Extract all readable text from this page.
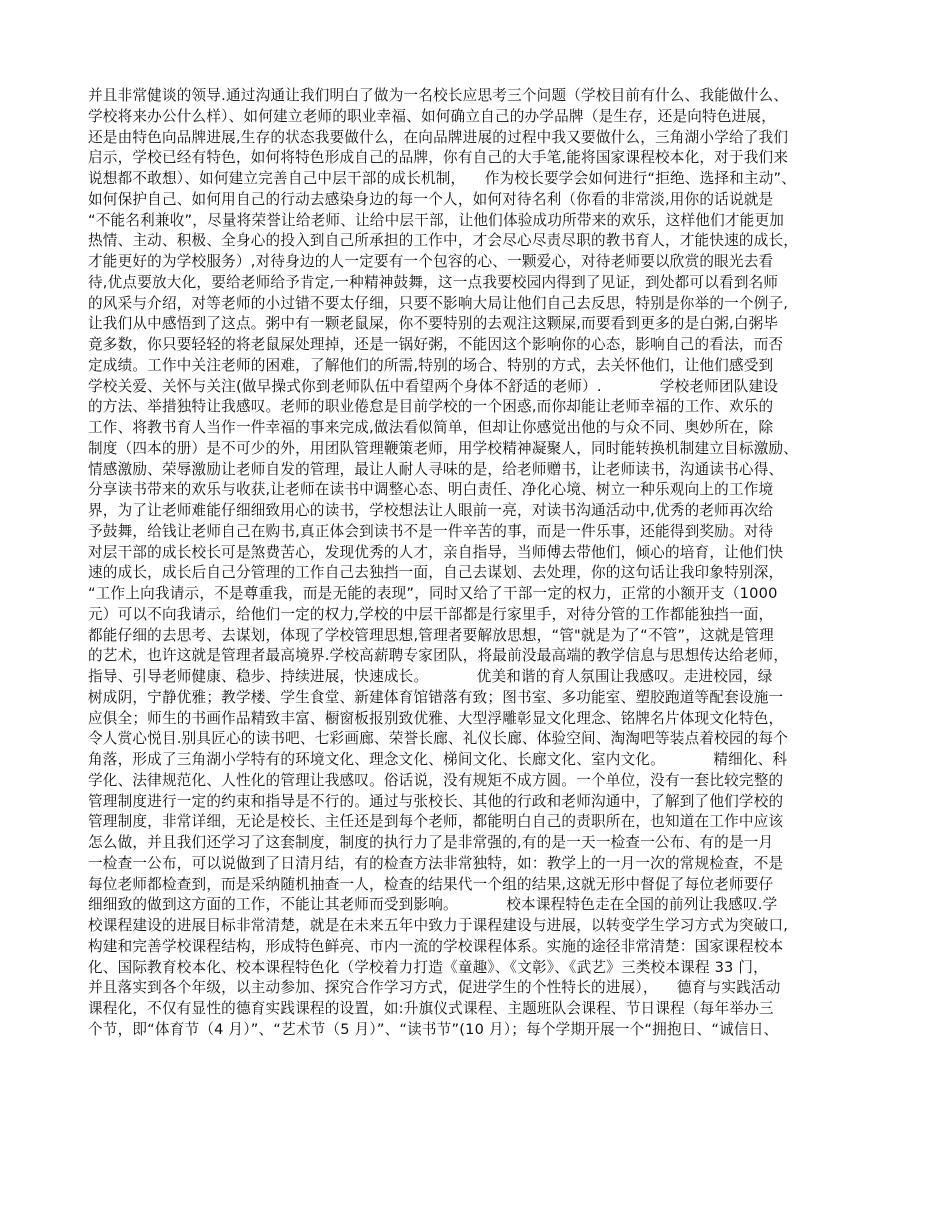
并且非常健谈的领导.通过沟通让我们明白了做为一名校长应思考三个问题（学校目前有什么、我能做什么、
学校将来办公什么样）、如何建立老师的职业幸福、如何确立自己的办学品牌（是生存，还是向特色进展，
还是由特色向品牌进展,生存的状态我要做什么，在向品牌进展的过程中我又要做什么，三角湖小学给了我们
启示，学校已经有特色，如何将特色形成自己的品牌，你有自己的大手笔,能将国家课程校本化，对于我们来
说想都不敢想）、如何建立完善自己中层干部的成长机制，    作为校长要学会如何进行“拒绝、选择和主动”、
如何保护自己、如何用自己的行动去感染身边的每一个人，如何对待名利（你看的非常淡,用你的话说就是
“不能名利兼收”，尽量将荣誉让给老师、让给中层干部，让他们体验成功所带来的欢乐，这样他们才能更加
热情、主动、积极、全身心的投入到自己所承担的工作中，才会尽心尽责尽职的教书育人，才能快速的成长，
才能更好的为学校服务）,对待身边的人一定要有一个包容的心、一颗爱心，对待老师要以欣赏的眼光去看
待,优点要放大化，要给老师给予肯定,一种精神鼓舞，这一点我要校园内得到了见证，到处都可以看到名师
的风采与介绍，对等老师的小过错不要太仔细，只要不影响大局让他们自己去反思，特别是你举的一个例子,
让我们从中感悟到了这点。粥中有一颗老鼠屎，你不要特别的去观注这颗屎,而要看到更多的是白粥,白粥毕
竟多数，你只要轻轻的将老鼠屎处理掉，还是一锅好粥，不能因这个影响你的心态，影响自己的看法，而否
定成绩。工作中关注老师的困难，了解他们的所需,特别的场合、特别的方式，去关怀他们，让他们感受到
学校关爱、关怀与关注(做早操式你到老师队伍中看望两个身体不舒适的老师）.            学校老师团队建设
的方法、举措独特让我感叹。老师的职业倦怠是目前学校的一个困惑,而你却能让老师幸福的工作、欢乐的
工作、将教书育人当作一件幸福的事来完成,做法看似简单，但却让你感觉出他的与众不同、奥妙所在，除
制度（四本的册）是不可少的外，用团队管理鞭策老师，用学校精神凝聚人，同时能转换机制建立目标激励、
情感激励、荣辱激励让老师自发的管理，最让人耐人寻味的是，给老师赠书，让老师读书，沟通读书心得、
分享读书带来的欢乐与收获,让老师在读书中调整心态、明白责任、净化心境、树立一种乐观向上的工作境
界，为了让老师难能仔细细致用心的读书，学校想法让人眼前一亮，对读书沟通活动中,优秀的老师再次给
予鼓舞，给钱让老师自己在购书,真正体会到读书不是一件辛苦的事，而是一件乐事，还能得到奖励。对待
对层干部的成长校长可是煞费苦心，发现优秀的人才，亲自指导，当师傅去带他们，倾心的培育，让他们快
速的成长，成长后自己分管理的工作自己去独挡一面，自己去谋划、去处理，你的这句话让我印象特别深，
“工作上向我请示，不是尊重我，而是无能的表现”，同时又给了干部一定的权力，正常的小额开支（1000
元）可以不向我请示，给他们一定的权力,学校的中层干部都是行家里手，对待分管的工作都能独挡一面，
都能仔细的去思考、去谋划，体现了学校管理思想,管理者要解放思想，“管"就是为了“不管”，这就是管理
的艺术，也许这就是管理者最高境界.学校高薪聘专家团队，将最前没最高端的教学信息与思想传达给老师，
指导、引导老师健康、稳步、持续进展，快速成长。          优美和谐的育人氛围让我感叹。走进校园，绿
树成阴，宁静优雅；教学楼、学生食堂、新建体育馆错落有致；图书室、多功能室、塑胶跑道等配套设施一
应俱全；师生的书画作品精致丰富、橱窗板报别致优雅、大型浮雕彰显文化理念、铭牌名片体现文化特色，
令人赏心悦目.别具匠心的读书吧、七彩画廊、荣誉长廊、礼仪长廊、体验空间、淘淘吧等装点着校园的每个
角落，形成了三角湖小学特有的环境文化、理念文化、梯间文化、长廊文化、室内文化。          精细化、科
学化、法律规范化、人性化的管理让我感叹。俗话说，没有规矩不成方圆。一个单位，没有一套比较完整的
管理制度进行一定的约束和指导是不行的。通过与张校长、其他的行政和老师沟通中，了解到了他们学校的
管理制度，非常详细，无论是校长、主任还是到每个老师，都能明白自己的责职所在，也知道在工作中应该
怎么做，并且我们还学习了这套制度，制度的执行力了是非常强的,有的是一天一检查一公布、有的是一月
一检查一公布，可以说做到了日清月结，有的检查方法非常独特，如：教学上的一月一次的常规检查，不是
每位老师都检查到，而是采纳随机抽查一人，检查的结果代一个组的结果,这就无形中督促了每位老师要仔
细细致的做到这方面的工作，不能让其老师而受到影响。          校本课程特色走在全国的前列让我感叹.学
校课程建设的进展目标非常清楚，就是在未来五年中致力于课程建设与进展，以转变学生学习方式为突破口,
构建和完善学校课程结构，形成特色鲜亮、市内一流的学校课程体系。实施的途径非常清楚：国家课程校本
化、国际教育校本化、校本课程特色化（学校着力打造《童趣》、《文彰》、《武艺》三类校本课程 33 门，
并且落实到各个年级，以主动参加、探究合作学习方式，促进学生的个性特长的进展），    德育与实践活动
课程化，不仅有显性的德育实践课程的设置，如:升旗仪式课程、主题班队会课程、节日课程（每年举办三
个节，即“体育节（4 月）”、“艺术节（5 月）”、“读书节”(10 月）；每个学期开展一个“拥抱日、“诚信日、
